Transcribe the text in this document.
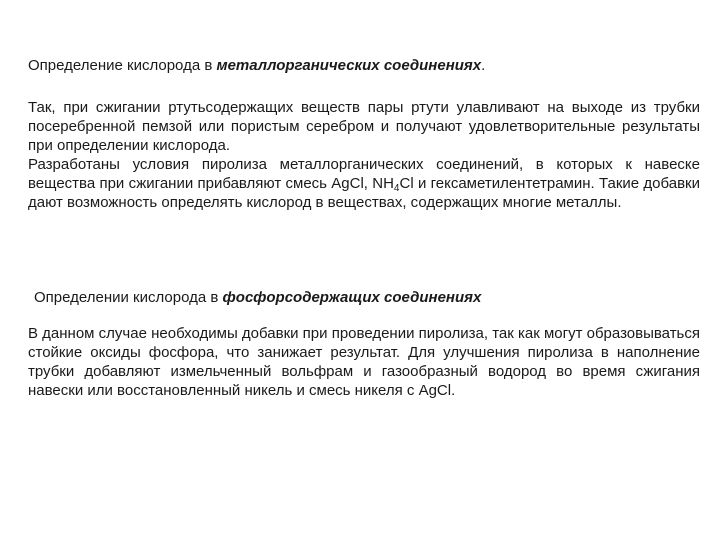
Определение кислорода в металлорганических соединениях.
Так, при сжигании ртутьсодержащих веществ пары ртути улавливают на выходе из трубки посеребренной пемзой или пористым серебром и получают удовлетворительные результаты при определении кислорода.
Разработаны условия пиролиза металлорганических соединений, в которых к навеске вещества при сжигании прибавляют смесь AgCl, $NH_4Cl$ и гексаметилентетрамин. Такие добавки дают возможность определять кислород в веществах, содержащих многие металлы.
Определении кислорода в фосфорсодержащих соединениях
В данном случае необходимы добавки при проведении пиролиза, так как могут образовываться стойкие оксиды фосфора, что занижает результат. Для улучшения пиролиза в наполнение трубки добавляют измельченный вольфрам и газообразный водород во время сжигания навески или восстановленный никель и смесь никеля с AgCl.
